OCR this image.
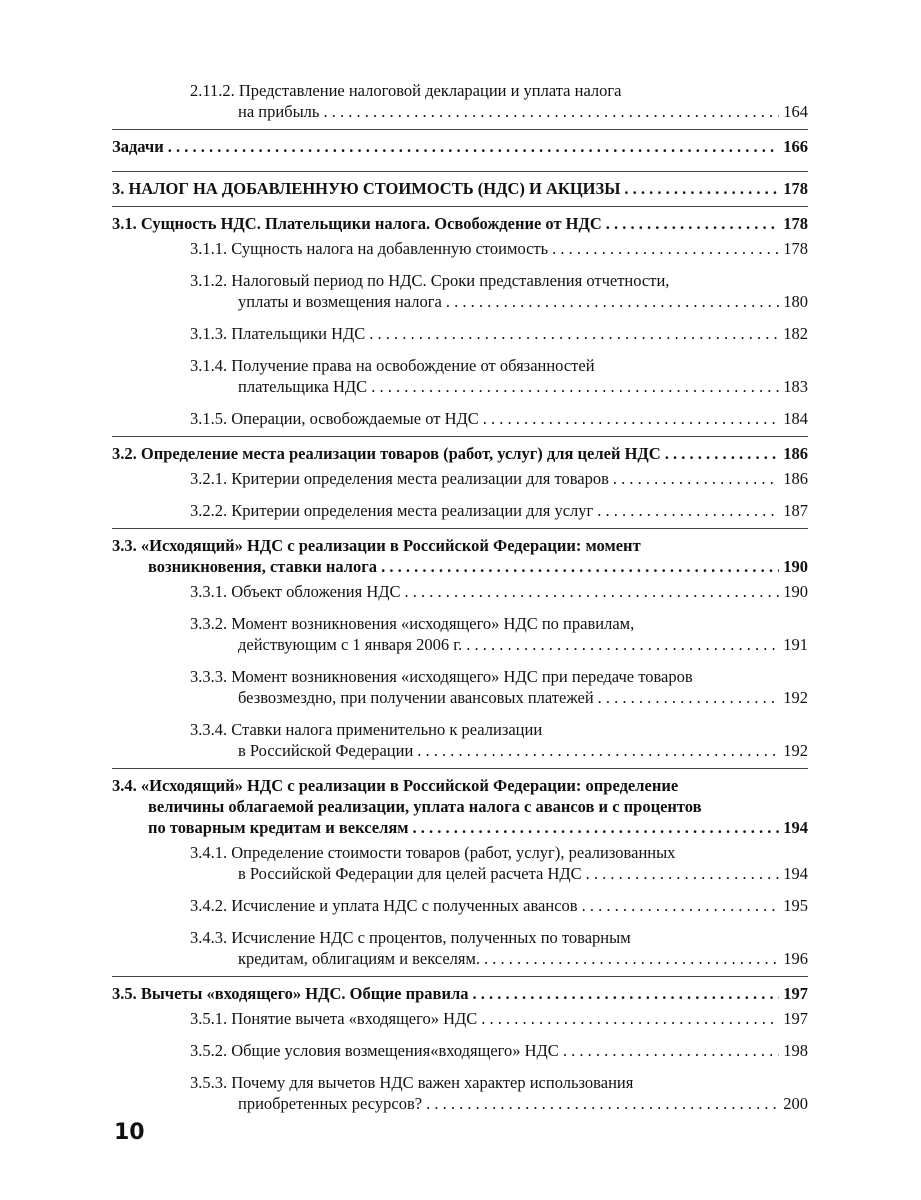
2.11.2. Представление налоговой декларации и уплата налога
на прибыль . . .	164
Задачи . . .	166
3. НАЛОГ НА ДОБАВЛЕННУЮ СТОИМОСТЬ (НДС) И АКЦИЗЫ . . .	178
3.1. Сущность НДС. Плательщики налога. Освобождение от НДС . . .	178
3.1.1. Сущность налога на добавленную стоимость . . .	178
3.1.2. Налоговый период по НДС. Сроки представления отчетности,
уплаты и возмещения налога . . .	180
3.1.3. Плательщики НДС . . .	182
3.1.4. Получение права на освобождение от обязанностей
плательщика НДС . . .	183
3.1.5. Операции, освобождаемые от НДС . . .	184
3.2. Определение места реализации товаров (работ, услуг) для целей НДС . . .	186
3.2.1. Критерии определения места реализации для товаров . . .	186
3.2.2. Критерии определения места реализации для услуг . . .	187
3.3. «Исходящий» НДС с реализации в Российской Федерации: момент
возникновения, ставки налога . . .	190
3.3.1. Объект обложения НДС . . .	190
3.3.2. Момент возникновения «исходящего» НДС по правилам,
действующим с 1 января 2006 г. . . .	191
3.3.3. Момент возникновения «исходящего» НДС при передаче товаров
безвозмездно, при получении авансовых платежей . . .	192
3.3.4. Ставки налога применительно к реализации
в Российской Федерации . . .	192
3.4. «Исходящий» НДС с реализации в Российской Федерации: определение
величины облагаемой реализации, уплата налога с авансов и с процентов
по товарным кредитам и векселям . . .	194
3.4.1. Определение стоимости товаров (работ, услуг), реализованных
в Российской Федерации для целей расчета НДС . . .	194
3.4.2. Исчисление и уплата НДС с полученных авансов . . .	195
3.4.3. Исчисление НДС с процентов, полученных по товарным
кредитам, облигациям и векселям. . . .	196
3.5. Вычеты «входящего» НДС. Общие правила . . .	197
3.5.1. Понятие вычета «входящего» НДС . . .	197
3.5.2. Общие условия возмещения«входящего» НДС . . .	198
3.5.3. Почему для вычетов НДС важен характер использования
приобретенных ресурсов? . . .	200
10
